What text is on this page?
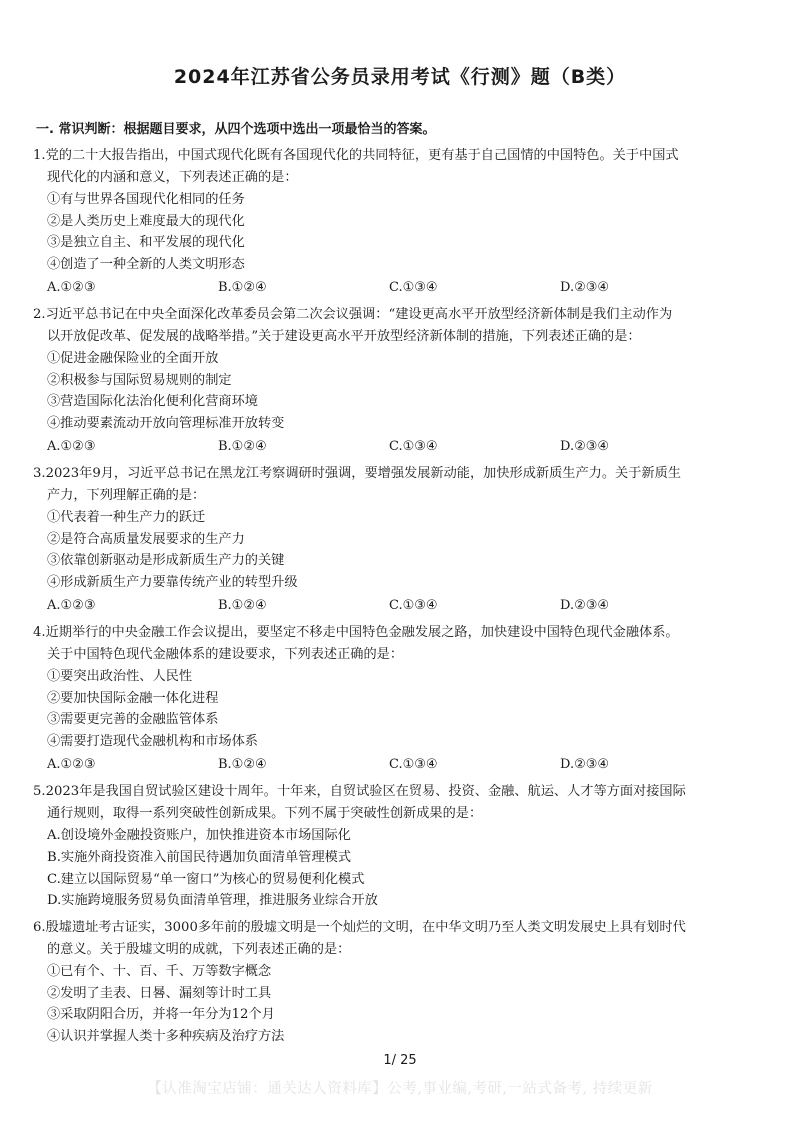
2024年江苏省公务员录用考试《行测》题（B类）
一. 常识判断：根据题目要求，从四个选项中选出一项最恰当的答案。
1.党的二十大报告指出，中国式现代化既有各国现代化的共同特征，更有基于自己国情的中国特色。关于中国式
现代化的内涵和意义，下列表述正确的是：
①有与世界各国现代化相同的任务
②是人类历史上难度最大的现代化
③是独立自主、和平发展的现代化
④创造了一种全新的人类文明形态
A.①②③	B.①②④	C.①③④	D.②③④
2.习近平总书记在中央全面深化改革委员会第二次会议强调：“建设更高水平开放型经济新体制是我们主动作为
以开放促改革、促发展的战略举措。”关于建设更高水平开放型经济新体制的措施，下列表述正确的是：
①促进金融保险业的全面开放
②积极参与国际贸易规则的制定
③营造国际化法治化便利化营商环境
④推动要素流动开放向管理标准开放转变
A.①②③	B.①②④	C.①③④	D.②③④
3.2023年9月，习近平总书记在黑龙江考察调研时强调，要增强发展新动能，加快形成新质生产力。关于新质生
产力，下列理解正确的是：
①代表着一种生产力的跃迁
②是符合高质量发展要求的生产力
③依靠创新驱动是形成新质生产力的关键
④形成新质生产力要靠传统产业的转型升级
A.①②③	B.①②④	C.①③④	D.②③④
4.近期举行的中央金融工作会议提出，要坚定不移走中国特色金融发展之路，加快建设中国特色现代金融体系。
关于中国特色现代金融体系的建设要求，下列表述正确的是：
①要突出政治性、人民性
②要加快国际金融一体化进程
③需要更完善的金融监管体系
④需要打造现代金融机构和市场体系
A.①②③	B.①②④	C.①③④	D.②③④
5.2023年是我国自贸试验区建设十周年。十年来，自贸试验区在贸易、投资、金融、航运、人才等方面对接国际
通行规则，取得一系列突破性创新成果。下列不属于突破性创新成果的是：
A.创设境外金融投资账户，加快推进资本市场国际化
B.实施外商投资准入前国民待遇加负面清单管理模式
C.建立以国际贸易“单一窗口”为核心的贸易便利化模式
D.实施跨境服务贸易负面清单管理，推进服务业综合开放
6.殷墟遗址考古证实，3000多年前的殷墟文明是一个灿烂的文明，在中华文明乃至人类文明发展史上具有划时代
的意义。关于殷墟文明的成就，下列表述正确的是：
①已有个、十、百、千、万等数字概念
②发明了圭表、日晷、漏刻等计时工具
③采取阴阳合历，并将一年分为12个月
④认识并掌握人类十多种疾病及治疗方法
1/ 25
【认准淘宝店铺：通关达人资料库】公考,事业编,考研,一站式备考, 持续更新
